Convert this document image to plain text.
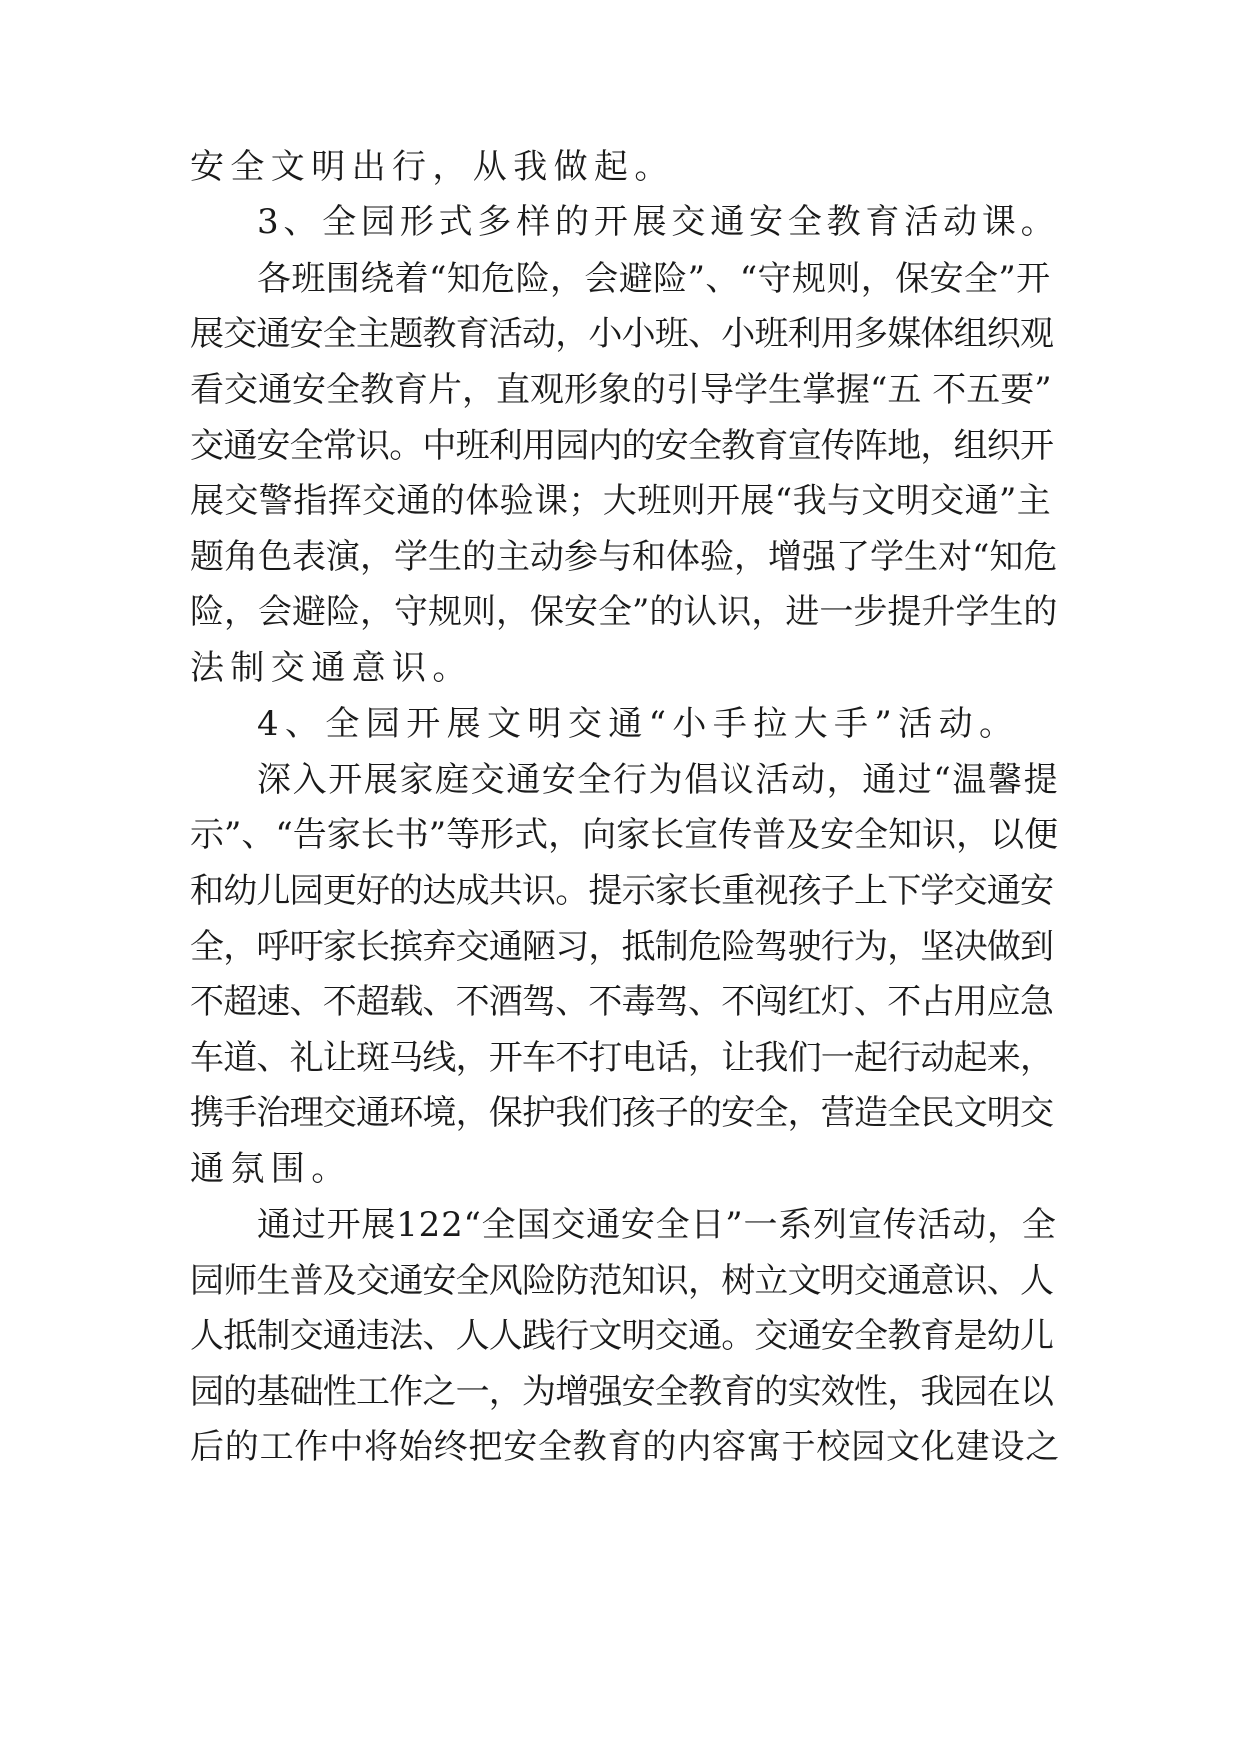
安全文明出行，从我做起。
3、全园形式多样的开展交通安全教育活动课。
各班围绕着“知危险，会避险”、“守规则，保安全”开
展交通安全主题教育活动，小小班、小班利用多媒体组织观
看交通安全教育片，直观形象的引导学生掌握“五 不五要”
交通安全常识。中班利用园内的安全教育宣传阵地，组织开
展交警指挥交通的体验课；大班则开展“我与文明交通”主
题角色表演，学生的主动参与和体验，增强了学生对“知危
险，会避险，守规则，保安全”的认识，进一步提升学生的
法制交通意识。
4、全园开展文明交通“小手拉大手”活动。
深入开展家庭交通安全行为倡议活动，通过“温馨提
示”、“告家长书”等形式，向家长宣传普及安全知识，以便
和幼儿园更好的达成共识。提示家长重视孩子上下学交通安
全，呼吁家长摈弃交通陋习，抵制危险驾驶行为，坚决做到
不超速、不超载、不酒驾、不毒驾、不闯红灯、不占用应急
车道、礼让斑马线，开车不打电话，让我们一起行动起来，
携手治理交通环境，保护我们孩子的安全，营造全民文明交
通氛围。
通过开展122“全国交通安全日”一系列宣传活动，全
园师生普及交通安全风险防范知识，树立文明交通意识、人
人抵制交通违法、人人践行文明交通。交通安全教育是幼儿
园的基础性工作之一，为增强安全教育的实效性，我园在以
后的工作中将始终把安全教育的内容寓于校园文化建设之
